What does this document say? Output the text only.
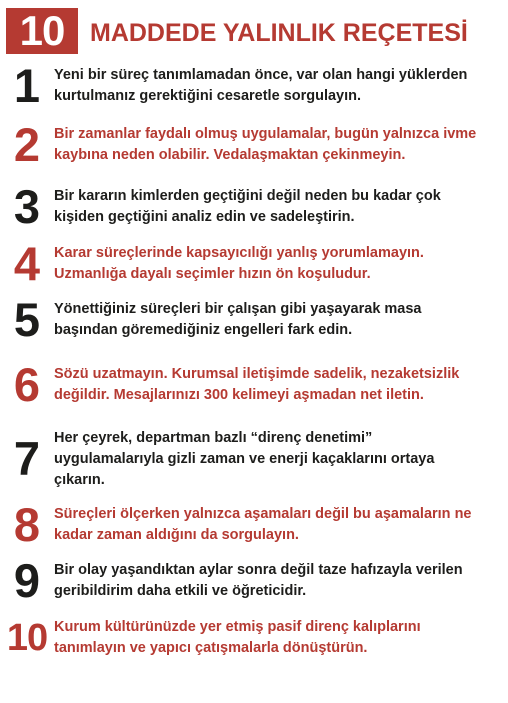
10	MADDEDE YALINLIK REÇETESİ
1 Yeni bir süreç tanımlamadan önce, var olan hangi yüklerden kurtulmanız gerektiğini cesaretle sorgulayın.
2 Bir zamanlar faydalı olmuş uygulamalar, bugün yalnızca ivme kaybına neden olabilir. Vedalaşmaktan çekinmeyin.
3 Bir kararın kimlerden geçtiğini değil neden bu kadar çok kişiden geçtiğini analiz edin ve sadeleştirin.
4 Karar süreçlerinde kapsayıcılığı yanlış yorumlamayın. Uzmanlığa dayalı seçimler hızın ön koşuludur.
5 Yönettiğiniz süreçleri bir çalışan gibi yaşayarak masa başından göremediğiniz engelleri fark edin.
6 Sözü uzatmayın. Kurumsal iletişimde sadelik, nezaketsizlik değildir. Mesajlarınızı 300 kelimeyi aşmadan net iletin.
7 Her çeyrek, departman bazlı “direnç denetimi” uygulamalarıyla gizli zaman ve enerji kaçaklarını ortaya çıkarın.
8 Süreçleri ölçerken yalnızca aşamaları değil bu aşamaların ne kadar zaman aldığını da sorgulayın.
9 Bir olay yaşandıktan aylar sonra değil taze hafızayla verilen geribildirim daha etkili ve öğreticidir.
10 Kurum kültürünüzde yer etmiş pasif direnç kalıplarını tanımlayın ve yapıcı çatışmalarla dönüştürün.
